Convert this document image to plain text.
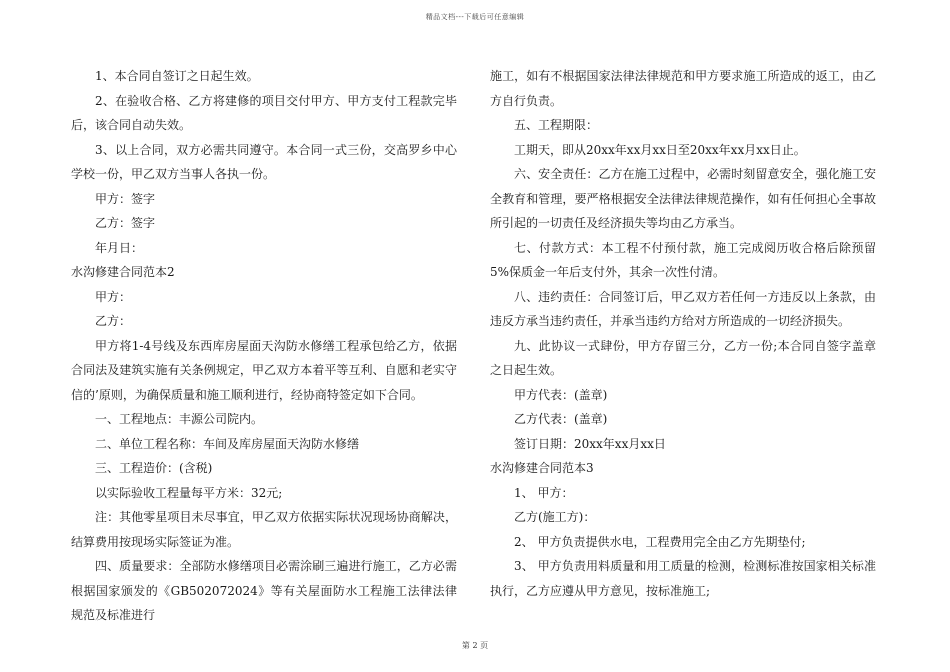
精品文档---下载后可任意编辑

1、本合同自签订之日起生效。

2、在验收合格、乙方将建修的项目交付甲方、甲方支付工程款完毕后，该合同自动失效。

3、以上合同，双方必需共同遵守。本合同一式三份，交高罗乡中心学校一份，甲乙双方当事人各执一份。

甲方：签字

乙方：签字

年月日：

水沟修建合同范本2

甲方：

乙方：

甲方将1-4号线及东西库房屋面天沟防水修缮工程承包给乙方，依据合同法及建筑实施有关条例规定，甲乙双方本着平等互利、自愿和老实守信的’原则，为确保质量和施工顺利进行，经协商特签定如下合同。

一、工程地点：丰源公司院内。

二、单位工程名称：车间及库房屋面天沟防水修缮

三、工程造价：(含税)

以实际验收工程量每平方米：32元;

注：其他零星项目未尽事宜，甲乙双方依据实际状况现场协商解决，结算费用按现场实际签证为准。

四、质量要求：全部防水修缮项目必需涂刷三遍进行施工，乙方必需根据国家颁发的《GB502072024》等有关屋面防水工程施工法律法律规范及标准进行

施工，如有不根据国家法律法律规范和甲方要求施工所造成的返工，由乙方自行负责。

五、工程期限：

工期天，即从20xx年xx月xx日至20xx年xx月xx日止。

六、安全责任：乙方在施工过程中，必需时刻留意安全，强化施工安全教育和管理，要严格根据安全法律法律规范操作，如有任何担心全事故所引起的一切责任及经济损失等均由乙方承当。

七、付款方式：本工程不付预付款，施工完成阅历收合格后除预留5%保质金一年后支付外，其余一次性付清。

八、违约责任：合同签订后，甲乙双方若任何一方违反以上条款，由违反方承当违约责任，并承当违约方给对方所造成的一切经济损失。

九、此协议一式肆份，甲方存留三分，乙方一份;本合同自签字盖章之日起生效。

甲方代表：(盖章)

乙方代表：(盖章)

签订日期：20xx年xx月xx日

水沟修建合同范本3

1、 甲方：

乙方(施工方)：

2、 甲方负责提供水电，工程费用完全由乙方先期垫付;

3、 甲方负责用料质量和用工质量的检测，检测标准按国家相关标准执行，乙方应遵从甲方意见，按标准施工;

第 2 页
